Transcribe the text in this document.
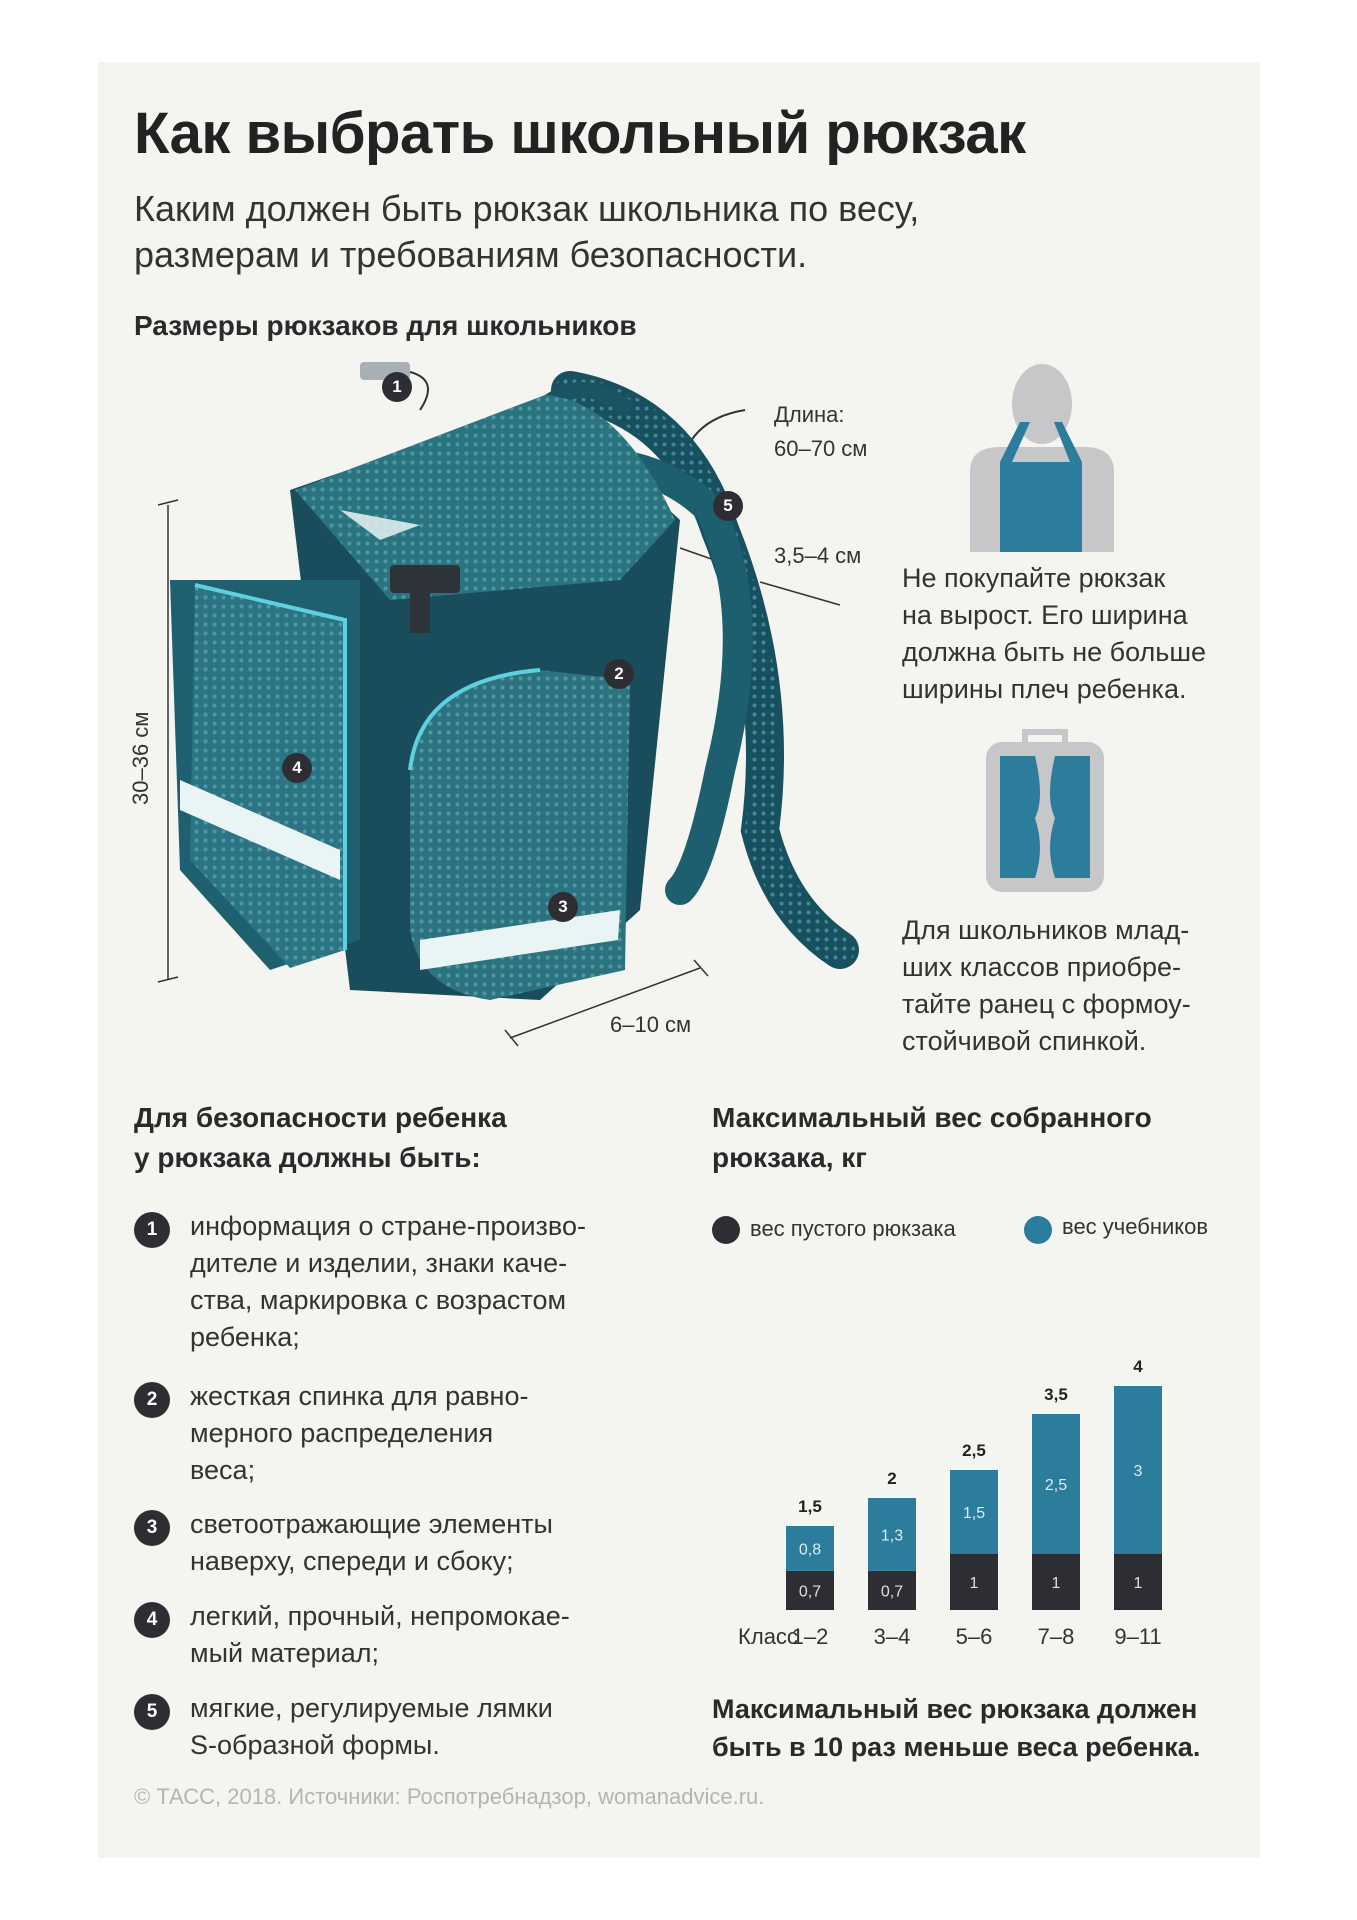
Как выбрать школьный рюкзак
Каким должен быть рюкзак школьника по весу,
размерам и требованиям безопасности.
Размеры рюкзаков для школьников
30–36 см
6–10 см
Длина:
60–70 см
3,5–4 см
1
5
2
4
3
Не покупайте рюкзак
на вырост. Его ширина
должна быть не больше
ширины плеч ребенка.
Для школьников млад-
ших классов приобре-
тайте ранец с формоу-
стойчивой спинкой.
Для безопасности ребенка
у рюкзака должны быть:
1	информация о стране-произво-
дителе и изделии, знаки каче-
ства, маркировка с возрастом
ребенка;
2	жесткая спинка для равно-
мерного распределения
веса;
3	светоотражающие элементы
наверху, спереди и сбоку;
4	легкий, прочный, непромокае-
мый материал;
5	мягкие, регулируемые лямки
S-образной формы.
Максимальный вес собранного
рюкзака, кг
вес пустого рюкзака	вес учебников
Класс
0,7
0,8
1,5
1–2
0,7
1,3
2
3–4
1
1,5
2,5
5–6
1
2,5
3,5
7–8
1
3
4
9–11
Максимальный вес рюкзака должен
быть в 10 раз меньше веса ребенка.
© ТАСС, 2018. Источники: Роспотребнадзор, womanadvice.ru.
